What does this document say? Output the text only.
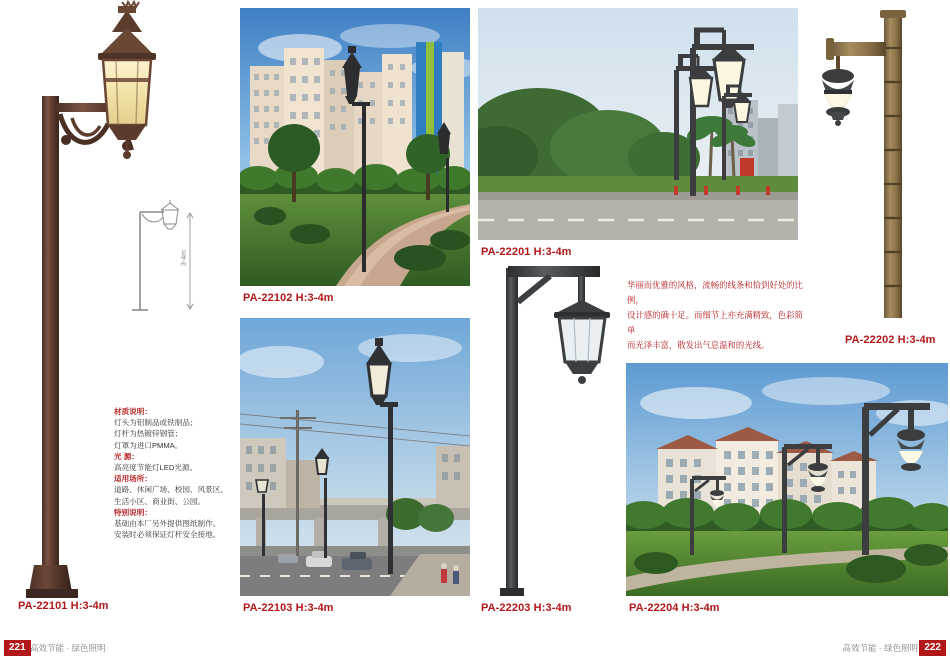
PA-22101 H:3-4m
3-4m
材质说明：
灯头为铝制品或铁制品；
灯杆为热镀锌钢管；
灯罩为进口PMMA。
光 源：
高亮度节能灯LED光源。
适用场所：
道路、休闲广场、校园、风景区、
生活小区、商业街、公园。
特别说明：
基础由本厂另外提供图纸制作。
安装时必须保证灯杆安全接地。
PA-22102 H:3-4m
PA-22103 H:3-4m
PA-22201 H:3-4m
PA-22202 H:3-4m
华丽而优雅的风格，流畅的线条和恰到好处的比例，
设计感的确十足。而细节上亦充满精致，色彩简单
而光泽丰富，散发出气息温和的光线。
PA-22203 H:3-4m	PA-22204 H:3-4m
221 高效节能 · 绿色照明	高效节能 · 绿色照明 222
